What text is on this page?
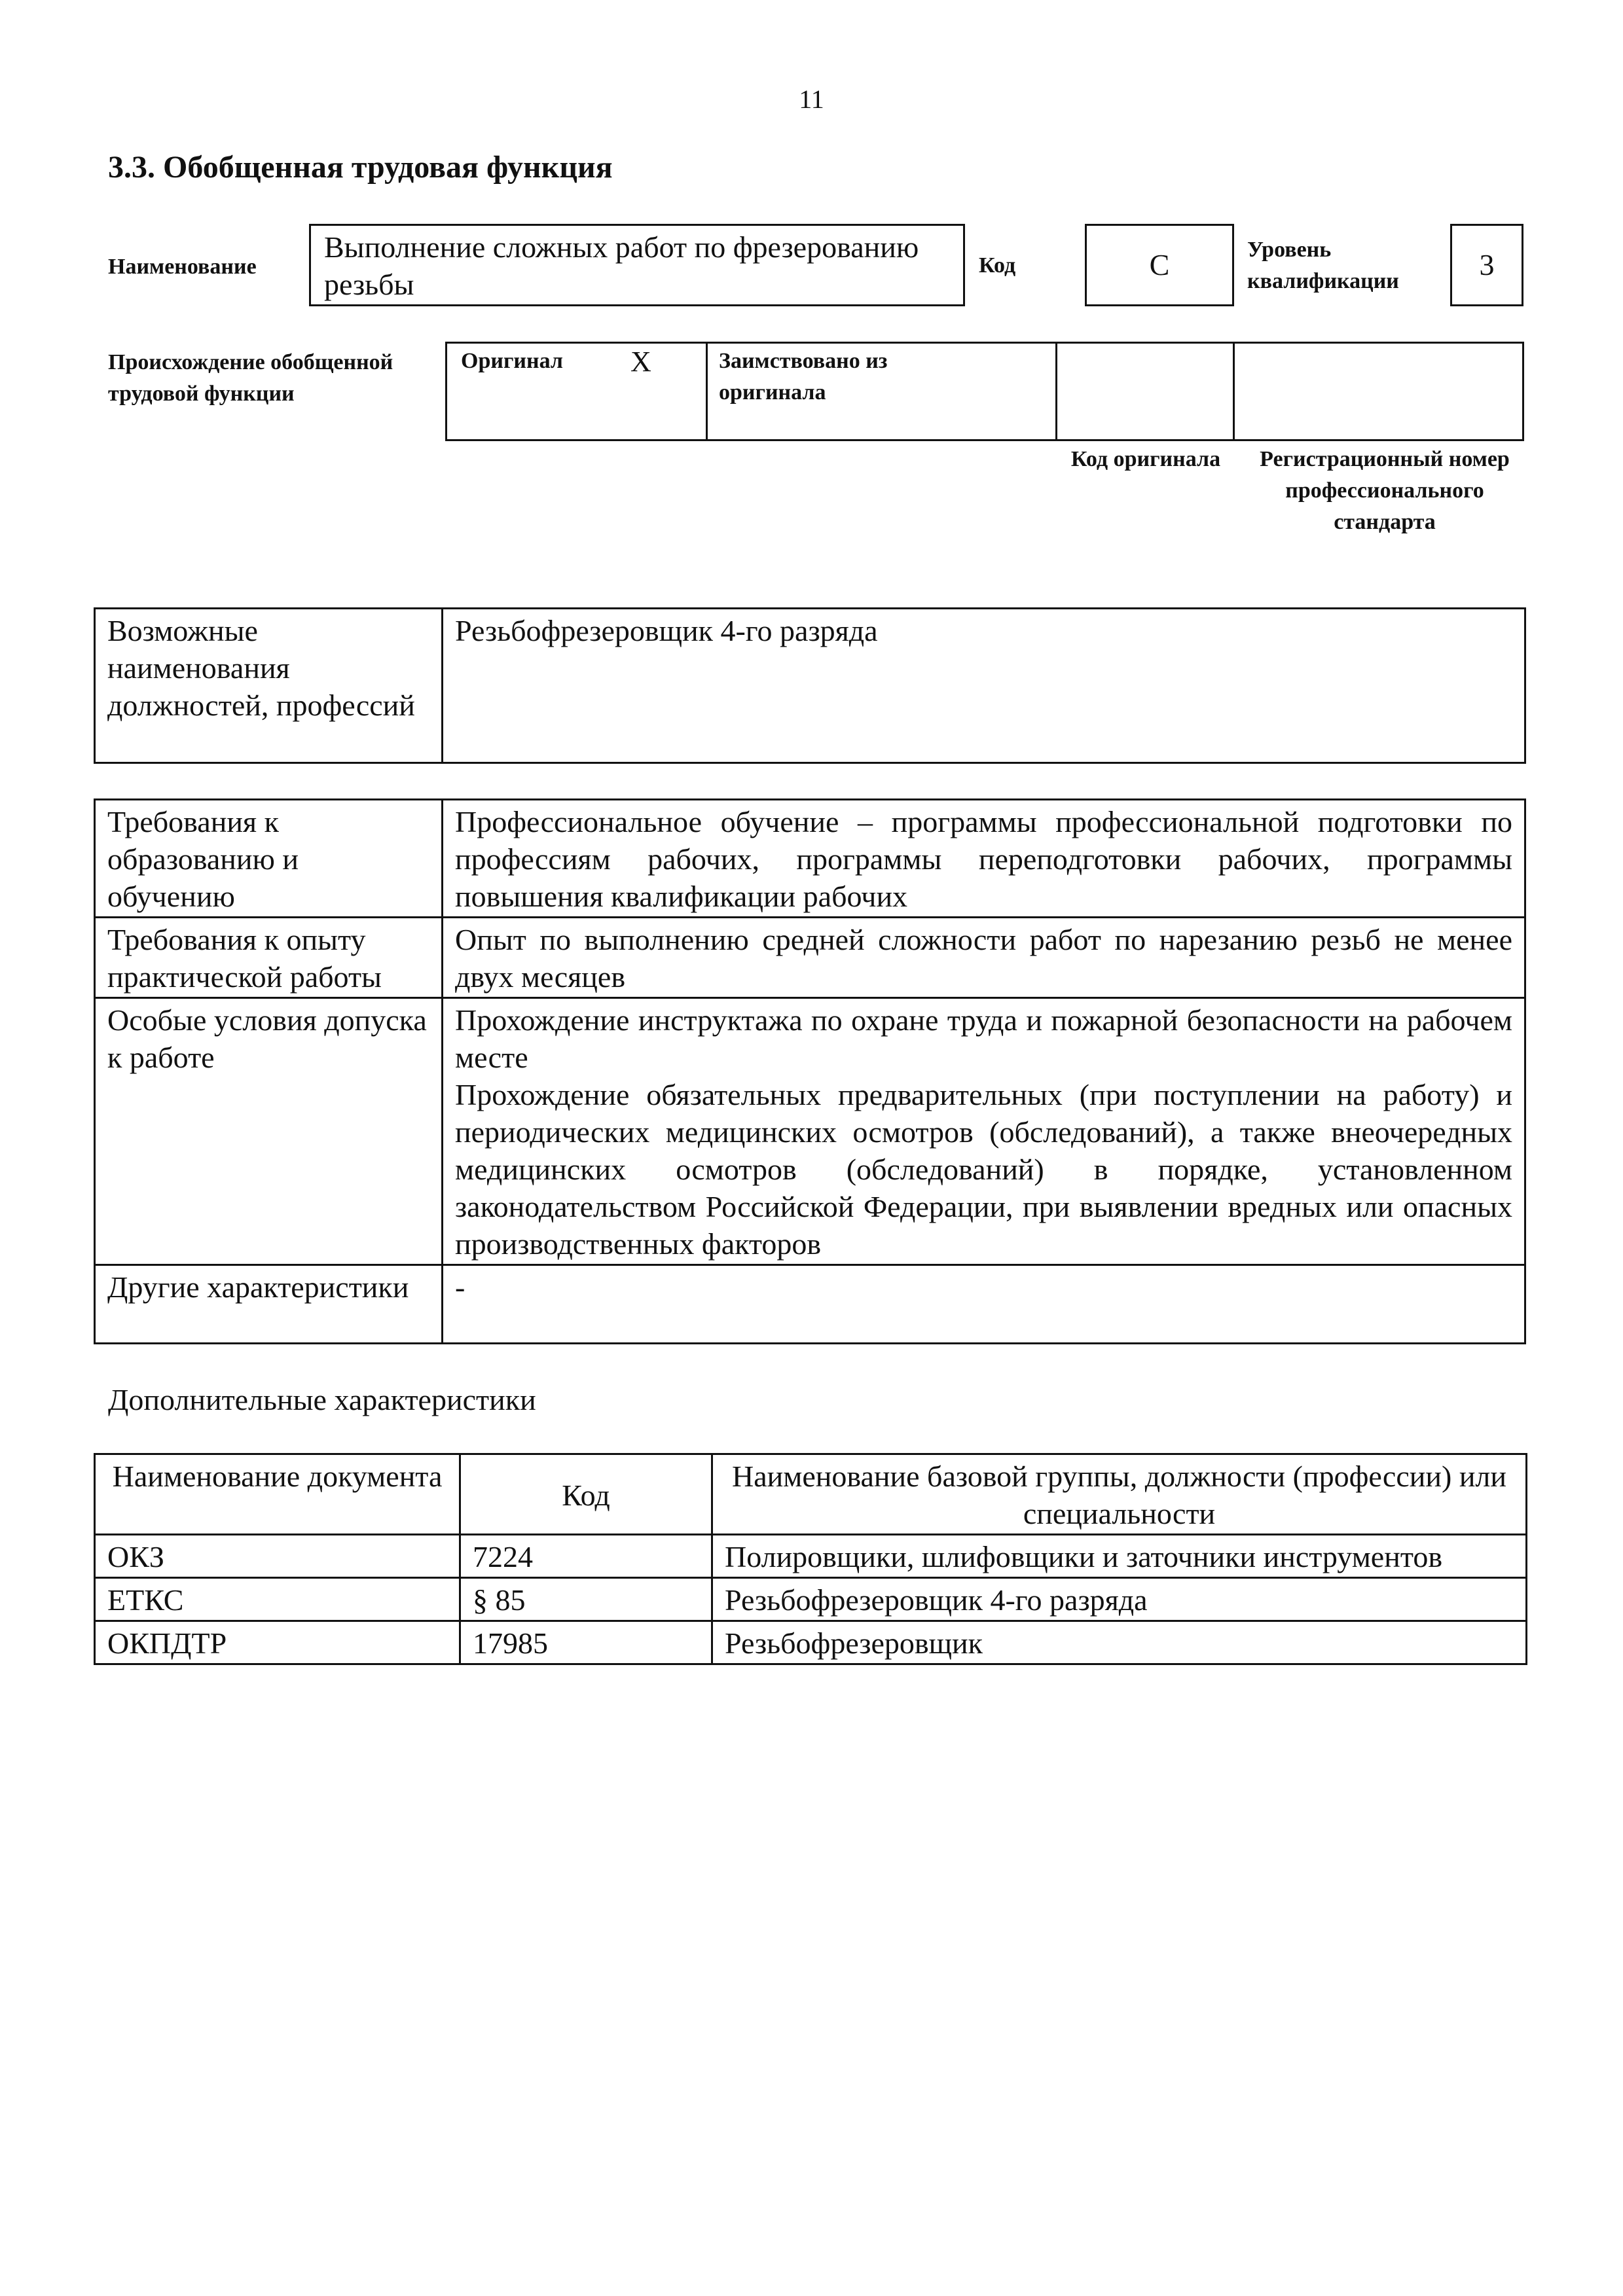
11
3.3. Обобщенная трудовая функция
Наименование
Выполнение сложных работ по фрезерованию резьбы
Код	C	Уровень квалификации	3
Происхождение обобщенной трудовой функции
Оригинал X	Заимствовано из оригинала
Код оригинала	Регистрационный номер профессионального стандарта
Возможные наименования должностей, профессий	Резьбофрезеровщик 4-го разряда
Требования к образованию и обучению	Профессиональное обучение – программы профессиональной подготовки по профессиям рабочих, программы переподготовки рабочих, программы повышения квалификации рабочих
Требования к опыту практической работы	Опыт по выполнению средней сложности работ по нарезанию резьб не менее двух месяцев
Особые условия допуска к работе	Прохождение инструктажа по охране труда и пожарной безопасности на рабочем месте
Прохождение обязательных предварительных (при поступлении на работу) и периодических медицинских осмотров (обследований), а также внеочередных медицинских осмотров (обследований) в порядке, установленном законодательством Российской Федерации, при выявлении вредных или опасных производственных факторов

Другие характеристики	-
Дополнительные характеристики
Наименование документа	Код	Наименование базовой группы, должности (профессии) или специальности
ОКЗ	7224	Полировщики, шлифовщики и заточники инструментов
ЕТКС	§ 85	Резьбофрезеровщик 4-го разряда
ОКПДТР	17985	Резьбофрезеровщик
